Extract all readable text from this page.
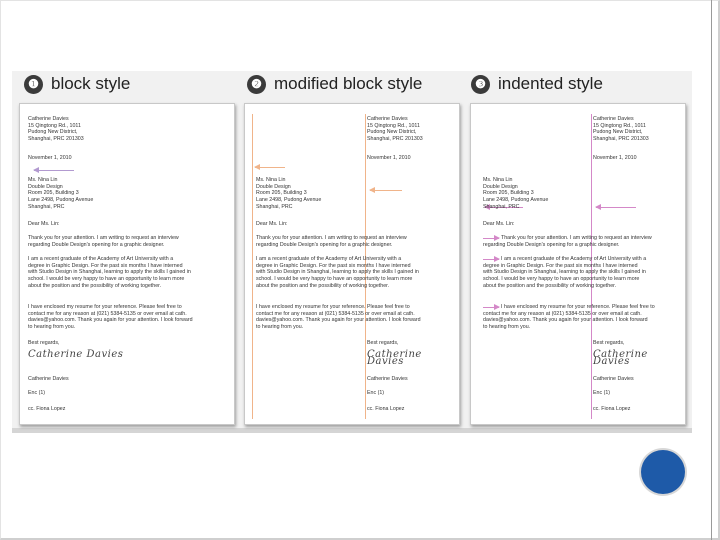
❶ block style	❷ modified block style	❸ indented style
Catherine Davies
15 Qingtong Rd., 1011
Pudong New District,
Shanghai, PRC 201303
November 1, 2010
Ms. Nina Lin
Double Design
Room 205, Building 3
Lane 2498, Pudong Avenue
Shanghai, PRC
Dear Ms. Lin:
Thank you for your attention. I am writing to request an interview
regarding Double Design's opening for a graphic designer.
I am a recent graduate of the Academy of Art University with a
degree in Graphic Design. For the past six months I have interned
with Studio Design in Shanghai, learning to apply the skills I gained in
school. I would be very happy to have an opportunity to learn more
about the position and the possibility of working together.
I have enclosed my resume for your reference. Please feel free to
contact me for any reason at (021) 5384-5135 or over email at cath.
davies@yahoo.com. Thank you again for your attention. I look forward
to hearing from you.
Best regards,
Catherine Davies
Catherine Davies
Enc (1)
cc. Fiona Lopez
Catherine Davies
15 Qingtong Rd., 1011
Pudong New District,
Shanghai, PRC 201303
November 1, 2010
Ms. Nina Lin
Double Design
Room 205, Building 3
Lane 2498, Pudong Avenue
Shanghai, PRC
Dear Ms. Lin:
Thank you for your attention. I am writing to request an interview
regarding Double Design's opening for a graphic designer.
I am a recent graduate of the Academy of Art University with a
degree in Graphic Design. For the past six months I have interned
with Studio Design in Shanghai, learning to apply the skills I gained in
school. I would be very happy to have an opportunity to learn more
about the position and the possibility of working together.
I have enclosed my resume for your reference. Please feel free to
contact me for any reason at (021) 5384-5135 or over email at cath.
davies@yahoo.com. Thank you again for your attention. I look forward
to hearing from you.
Best regards,
Catherine Davies
Catherine Davies
Enc (1)
cc. Fiona Lopez
Catherine Davies
15 Qingtong Rd., 1011
Pudong New District,
Shanghai, PRC 201303
November 1, 2010
Ms. Nina Lin
Double Design
Room 205, Building 3
Lane 2498, Pudong Avenue
Shanghai, PRC
Dear Ms. Lin:
Thank you for your attention. I am writing to request an interview
regarding Double Design's opening for a graphic designer.
I am a recent graduate of the Academy of Art University with a
degree in Graphic Design. For the past six months I have interned
with Studio Design in Shanghai, learning to apply the skills I gained in
school. I would be very happy to have an opportunity to learn more
about the position and the possibility of working together.
I have enclosed my resume for your reference. Please feel free to
contact me for any reason at (021) 5384-5135 or over email at cath.
davies@yahoo.com. Thank you again for your attention. I look forward
to hearing from you.
Best regards,
Catherine Davies
Catherine Davies
Enc (1)
cc. Fiona Lopez
